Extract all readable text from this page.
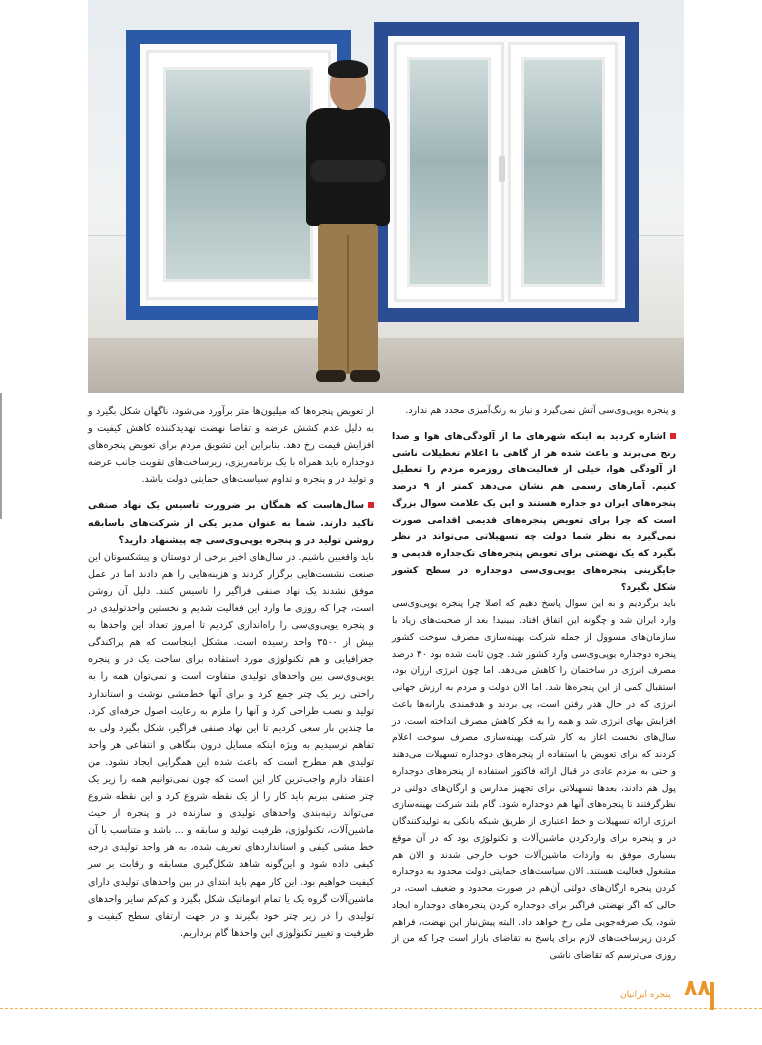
و پنجره یوپی‌وی‌سی آتش نمی‌گیرد و نیاز به رنگ‌آمیزی مجدد هم ندارد.

اشاره کردید به اینکه شهرهای ما از آلودگی‌های هوا و صدا رنج می‌برند و باعث شده هر از گاهی با اعلام تعطیلات ناشی از آلودگی هوا، خیلی از فعالیت‌های روزمره مردم را تعطیل کنیم. آمارهای رسمی هم نشان می‌دهد کمتر از ۹ درصد پنجره‌های ایران دو جداره هستند و این یک علامت سوال بزرگ است که چرا برای تعویض پنجره‌های قدیمی اقدامی صورت نمی‌گیرد به نظر شما دولت چه تسهیلاتی می‌تواند در نظر بگیرد که یک نهضتی برای تعویض پنجره‌های تک‌جداره قدیمی و جایگزینی پنجره‌های یوپی‌وی‌سی دوجداره در سطح کشور شکل بگیرد؟

باید برگردیم و به این سوال پاسخ دهیم که اصلا چرا پنجره یوپی‌وی‌سی وارد ایران شد و چگونه این اتفاق افتاد. ببینید! بعد از صحبت‌های زیاد با سازمان‌های مسوول از جمله شرکت بهینه‌سازی مصرف سوخت کشور پنجره دوجداره یوپی‌وی‌سی وارد کشور شد. چون ثابت شده بود ۴۰ درصد مصرف انرژی در ساختمان را کاهش می‌دهد. اما چون انرژی ارزان بود، استقبال کمی از این پنجره‌ها شد. اما الان دولت و مردم به ارزش جهانی انرژی که در حال هدر رفتن است، پی بردند و هدفمندی یارانه‌ها باعث افزایش بهای انرژی شد و همه را به فکر کاهش مصرف انداخته است. در سال‌های نخست اغاز به کار شرکت بهینه‌سازی مصرف سوخت اعلام کردند که برای تعویض یا استفاده از پنجره‌های دوجداره تسهیلات می‌دهند و حتی به مردم عادی در قبال ارائه فاکتور استفاده از پنجره‌های دوجداره پول هم دادند، بعدها تسهیلاتی برای تجهیز مدارس و ارگان‌های دولتی در نظرگرفتند تا پنجره‌های آنها هم دوجداره شود. گام بلند شرکت بهینه‌سازی انرژی ارائه تسهیلات و خط اعتباری از طریق شبکه بانکی به تولیدکنندگان در و پنجره برای واردکردن ماشین‌آلات و تکنولوژی بود که در آن موقع بسیاری موفق به واردات ماشین‌آلات خوب خارجی شدند و الان هم مشغول فعالیت هستند. الان سیاست‌های حمایتی دولت محدود به دوجداره کردن پنجره ارگان‌های دولتی آن‌هم در صورت محدود و ضعیف است، در حالی که اگر نهضتی فراگیر برای دوجداره کردن پنجره‌های دوجداره ایجاد شود، یک صرفه‌جویی ملی رخ خواهد داد. البته پیش‌نیاز این نهضت، فراهم کردن زیرساخت‌های لازم برای پاسخ به تقاضای بازار است چرا که من از روزی می‌ترسم که تقاضای ناشی

از تعویض پنجره‌ها که میلیون‌ها متر برآورد می‌شود، ناگهان شکل بگیرد و به دلیل عدم کشش عرضه و تقاضا نهضت تهدیدکننده کاهش کیفیت و افزایش قیمت رخ دهد. بنابراین این تشویق مردم برای تعویض پنجره‌های دوجداره باید همراه با یک برنامه‌ریزی، زیرساخت‌های تقویت جانب عرضه و تولید در و پنجره و تداوم سیاست‌های حمایتی دولت باشد.

سال‌هاست که همگان بر ضرورت تاسیس یک نهاد صنفی تاکید دارند. شما به عنوان مدیر یکی از شرکت‌های باسابقه روشن تولید در و پنجره یوپی‌وی‌سی چه پیشنهاد دارید؟

باید واقعبین باشیم. در سال‌های اخیر برخی از دوستان و پیشکسوتان این صنعت نشست‌هایی برگزار کردند و هزینه‌هایی را هم دادند اما در عمل موفق نشدند یک نهاد صنفی فراگیر را تاسیس کنند. دلیل آن روشن است، چرا که روزی ما وارد این فعالیت شدیم و نخستین واحدتولیدی در و پنجره یوپی‌وی‌سی را راه‌اندازی کردیم تا امروز تعداد این واحدها به بیش از ۳۵۰۰ واحد رسیده است. مشکل اینجاست که هم پراکندگی جغرافیایی و هم تکنولوژی مورد استفاده برای ساخت یک در و پنجره یوپی‌وی‌سی بین واحدهای تولیدی متفاوت است و نمی‌توان همه را به راحتی زیر یک چتر جمع کرد و برای آنها خط‌مشی نوشت و استاندارد تولید و نصب طراحی کرد و آنها را ملزم به رعایت اصول حرفه‌ای کرد. ما چندین بار سعی کردیم تا این نهاد صنفی فراگیر، شکل بگیرد ولی به تفاهم نرسیدیم به ویژه اینکه مسایل درون بنگاهی و انتفاعی هر واحد تولیدی هم مطرح است که باعث شده این همگرایی ایجاد نشود. من اعتقاد دارم واجب‌ترین کار این است که چون نمی‌توانیم همه را زیر یک چتر صنفی ببریم باید کار را از یک نقطه شروع کرد و این نقطه شروع می‌تواند رتبه‌بندی واحدهای تولیدی و سازنده در و پنجره از حیث ماشین‌آلات، تکنولوژی، ظرفیت تولید و سابقه و ... باشد و متناسب با آن خط مشی کیفی و استانداردهای تعریف شده، به هر واحد تولیدی درجه کیفی داده شود و این‌گونه شاهد شکل‌گیری مسابقه و رقابت بر سر کیفیت خواهیم بود. این کار مهم باید ابتدای در بین واحدهای تولیدی دارای ماشین‌آلات گروه یک یا تمام اتوماتیک شکل بگیرد و کم‌کم سایر واحدهای تولیدی را در زیر چتر خود بگیرند و در جهت ارتقای سطح کیفیت و ظرفیت و تغییر تکنولوژی این واحدها گام برداریم.

۸۸
پنجره ایرانیان
